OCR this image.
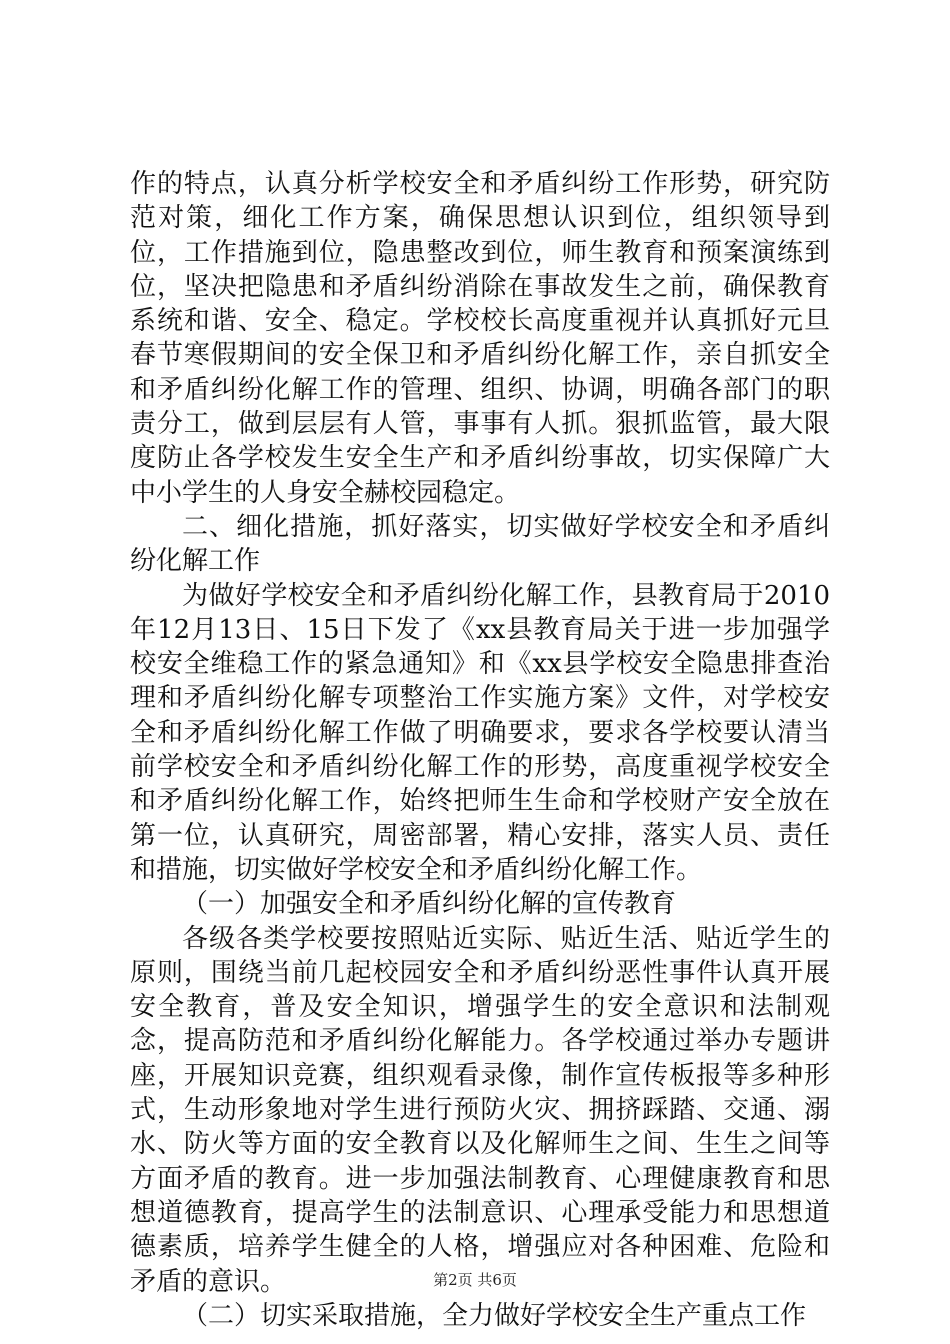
作的特点，认真分析学校安全和矛盾纠纷工作形势，研究防范对策，细化工作方案，确保思想认识到位，组织领导到位，工作措施到位，隐患整改到位，师生教育和预案演练到位，坚决把隐患和矛盾纠纷消除在事故发生之前，确保教育系统和谐、安全、稳定。学校校长高度重视并认真抓好元旦春节寒假期间的安全保卫和矛盾纠纷化解工作，亲自抓安全和矛盾纠纷化解工作的管理、组织、协调，明确各部门的职责分工，做到层层有人管，事事有人抓。狠抓监管，最大限度防止各学校发生安全生产和矛盾纠纷事故，切实保障广大中小学生的人身安全赫校园稳定。

二、细化措施，抓好落实，切实做好学校安全和矛盾纠纷化解工作

为做好学校安全和矛盾纠纷化解工作，县教育局于2010年12月13日、15日下发了《xx县教育局关于进一步加强学校安全维稳工作的紧急通知》和《xx县学校安全隐患排查治理和矛盾纠纷化解专项整治工作实施方案》文件，对学校安全和矛盾纠纷化解工作做了明确要求，要求各学校要认清当前学校安全和矛盾纠纷化解工作的形势，高度重视学校安全和矛盾纠纷化解工作，始终把师生生命和学校财产安全放在第一位，认真研究，周密部署，精心安排，落实人员、责任和措施，切实做好学校安全和矛盾纠纷化解工作。

（一）加强安全和矛盾纠纷化解的宣传教育

各级各类学校要按照贴近实际、贴近生活、贴近学生的原则，围绕当前几起校园安全和矛盾纠纷恶性事件认真开展安全教育，普及安全知识，增强学生的安全意识和法制观念，提高防范和矛盾纠纷化解能力。各学校通过举办专题讲座，开展知识竞赛，组织观看录像，制作宣传板报等多种形式，生动形象地对学生进行预防火灾、拥挤踩踏、交通、溺水、防火等方面的安全教育以及化解师生之间、生生之间等方面矛盾的教育。进一步加强法制教育、心理健康教育和思想道德教育，提高学生的法制意识、心理承受能力和思想道德素质，培养学生健全的人格，增强应对各种困难、危险和矛盾的意识。

（二）切实采取措施，全力做好学校安全生产重点工作

第2页 共6页
